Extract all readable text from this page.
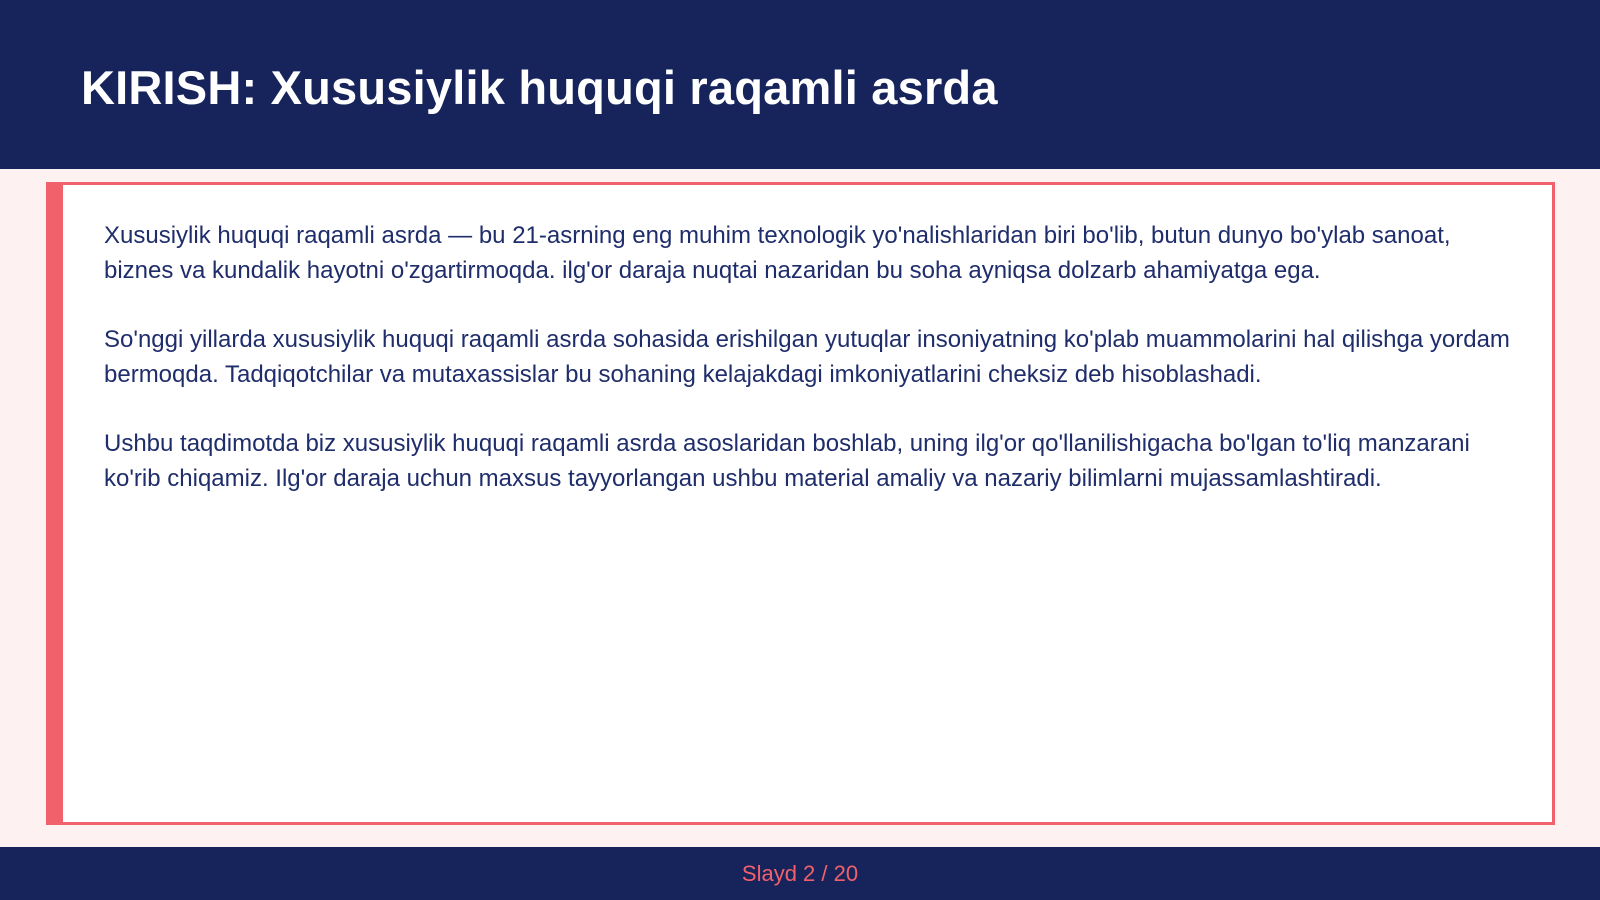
KIRISH: Xususiylik huquqi raqamli asrda

Xususiylik huquqi raqamli asrda — bu 21-asrning eng muhim texnologik yo'nalishlaridan biri bo'lib, butun dunyo bo'ylab sanoat, biznes va kundalik hayotni o'zgartirmoqda. ilg'or daraja nuqtai nazaridan bu soha ayniqsa dolzarb ahamiyatga ega.

So'nggi yillarda xususiylik huquqi raqamli asrda sohasida erishilgan yutuqlar insoniyatning ko'plab muammolarini hal qilishga yordam bermoqda. Tadqiqotchilar va mutaxassislar bu sohaning kelajakdagi imkoniyatlarini cheksiz deb hisoblashadi.

Ushbu taqdimotda biz xususiylik huquqi raqamli asrda asoslaridan boshlab, uning ilg'or qo'llanilishigacha bo'lgan to'liq manzarani ko'rib chiqamiz. Ilg'or daraja uchun maxsus tayyorlangan ushbu material amaliy va nazariy bilimlarni mujassamlashtiradi.

Slayd 2 / 20
